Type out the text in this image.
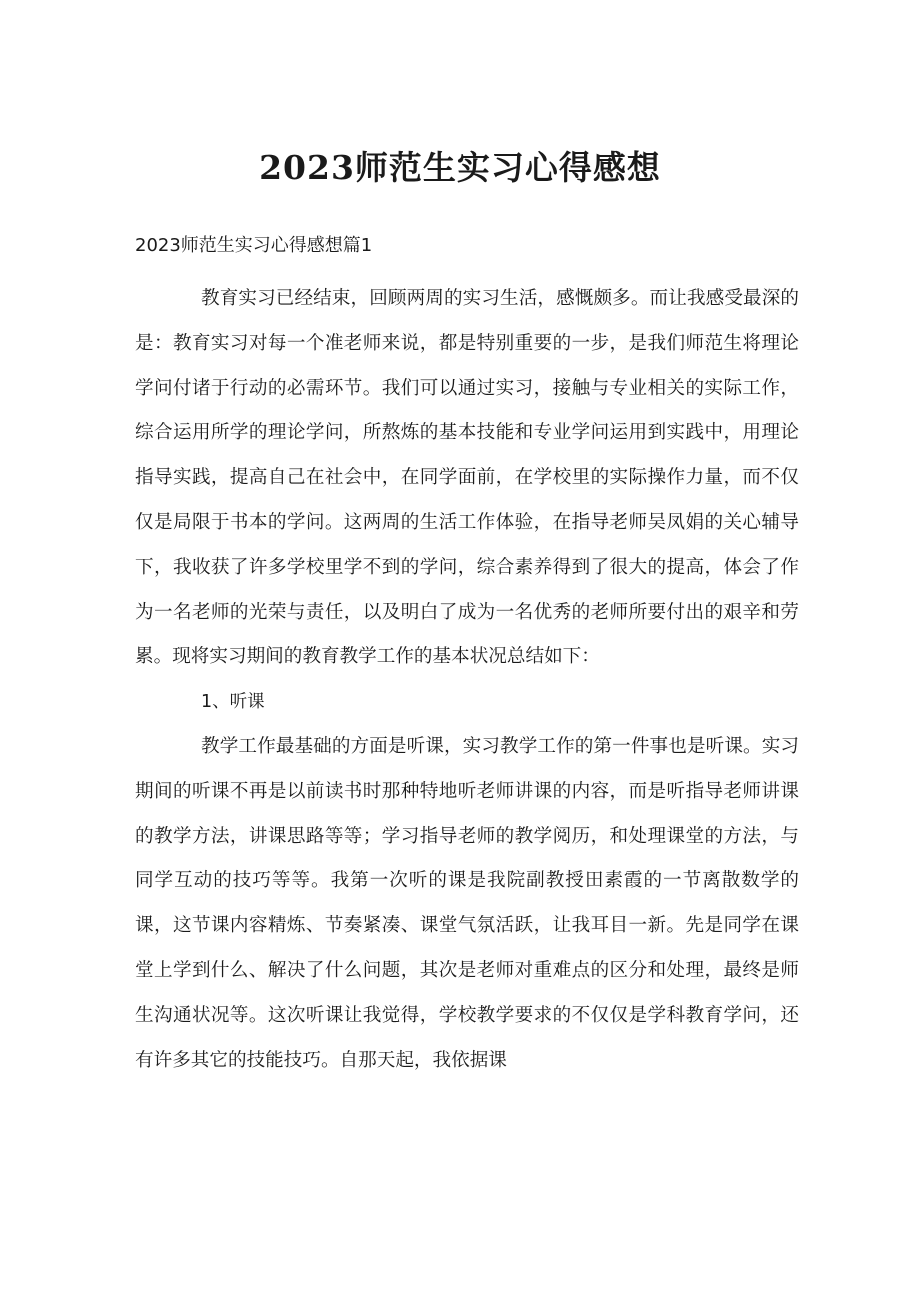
2023师范生实习心得感想

2023师范生实习心得感想篇1

教育实习已经结束，回顾两周的实习生活，感慨颇多。而让我感受最深的是：教育实习对每一个准老师来说，都是特别重要的一步，是我们师范生将理论学问付诸于行动的必需环节。我们可以通过实习，接触与专业相关的实际工作，综合运用所学的理论学问，所熬炼的基本技能和专业学问运用到实践中，用理论指导实践，提高自己在社会中，在同学面前，在学校里的实际操作力量，而不仅仅是局限于书本的学问。这两周的生活工作体验，在指导老师吴凤娟的关心辅导下，我收获了许多学校里学不到的学问，综合素养得到了很大的提高，体会了作为一名老师的光荣与责任，以及明白了成为一名优秀的老师所要付出的艰辛和劳累。现将实习期间的教育教学工作的基本状况总结如下：

1、听课

教学工作最基础的方面是听课，实习教学工作的第一件事也是听课。实习期间的听课不再是以前读书时那种特地听老师讲课的内容，而是听指导老师讲课的教学方法，讲课思路等等；学习指导老师的教学阅历，和处理课堂的方法，与同学互动的技巧等等。我第一次听的课是我院副教授田素霞的一节离散数学的课，这节课内容精炼、节奏紧凑、课堂气氛活跃，让我耳目一新。先是同学在课堂上学到什么、解决了什么问题，其次是老师对重难点的区分和处理，最终是师生沟通状况等。这次听课让我觉得，学校教学要求的不仅仅是学科教育学问，还有许多其它的技能技巧。自那天起，我依据课
